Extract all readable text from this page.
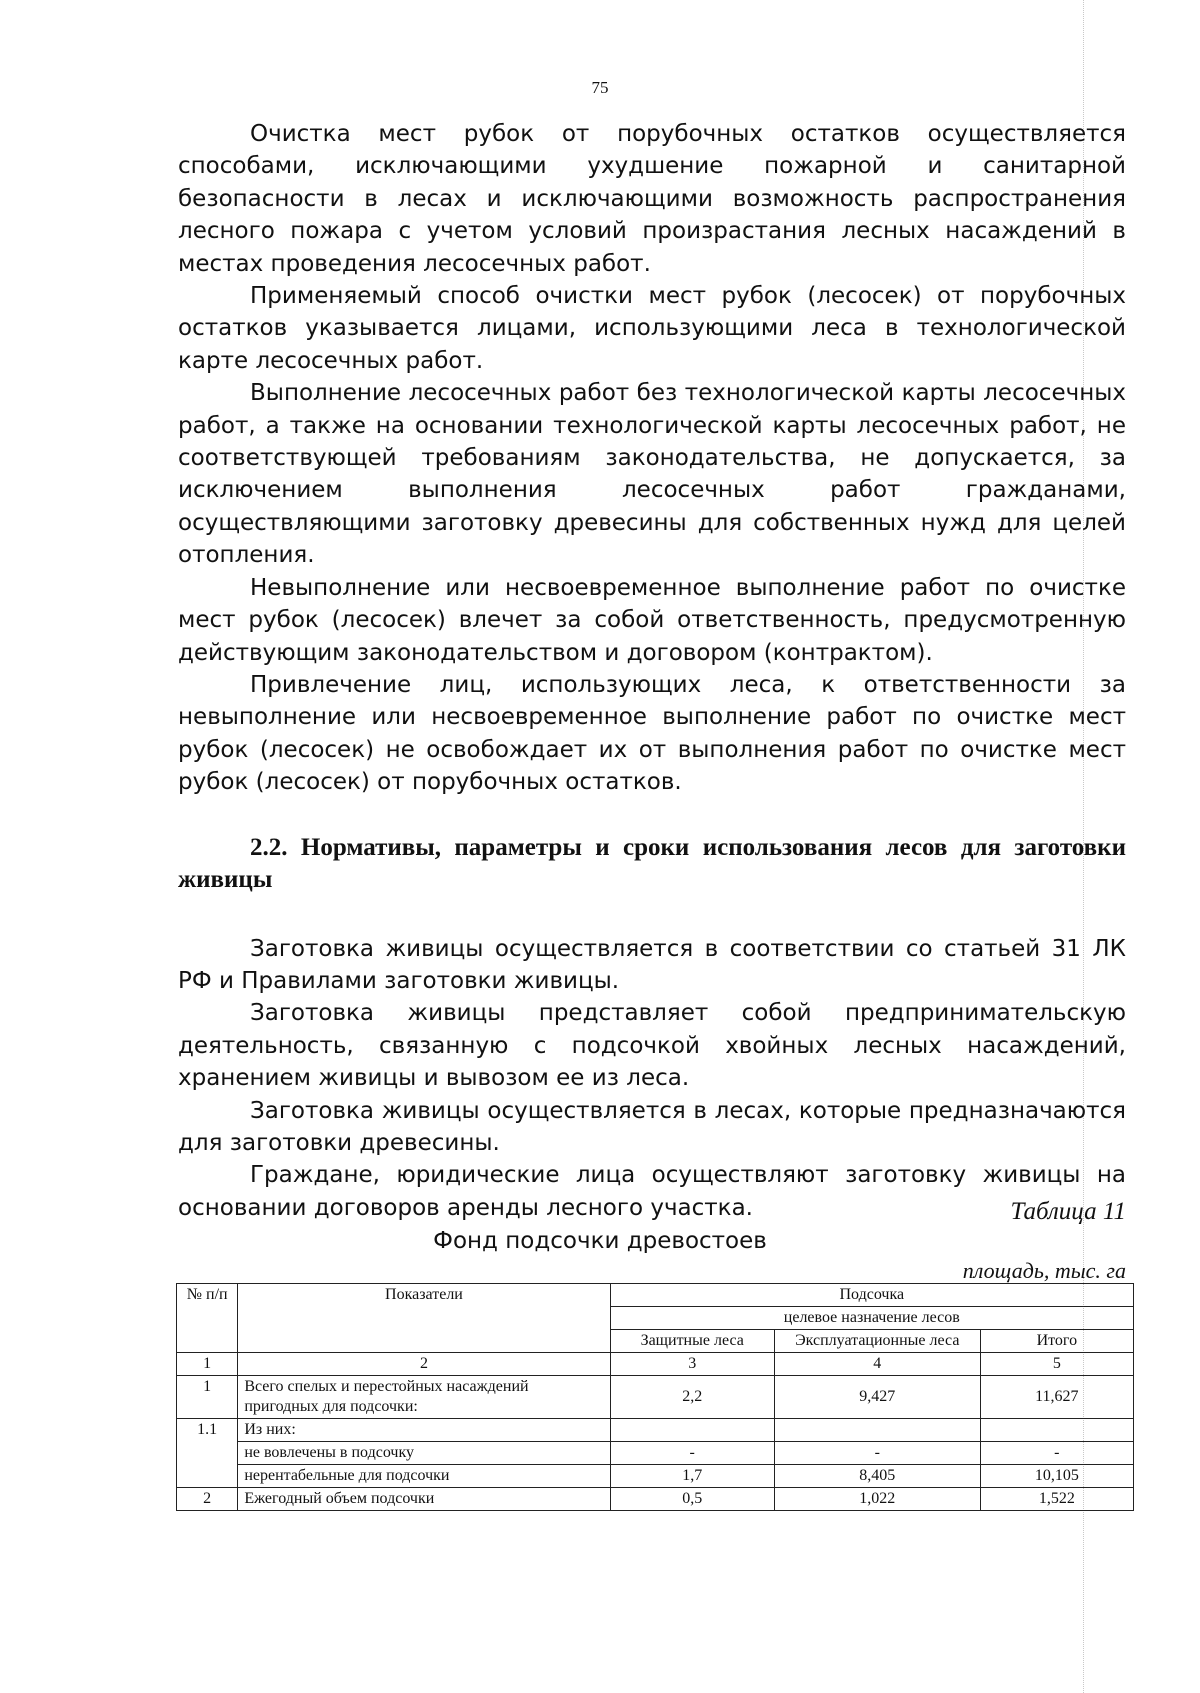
75

Очистка мест рубок от порубочных остатков осуществляется способами, исключающими ухудшение пожарной и санитарной безопасности в лесах и исключающими возможность распространения лесного пожара с учетом условий произрастания лесных насаждений в местах проведения лесосечных работ.

Применяемый способ очистки мест рубок (лесосек) от порубочных остатков указывается лицами, использующими леса в технологической карте лесосечных работ.

Выполнение лесосечных работ без технологической карты лесосечных работ, а также на основании технологической карты лесосечных работ, не соответствующей требованиям законодательства, не допускается, за исключением выполнения лесосечных работ гражданами, осуществляющими заготовку древесины для собственных нужд для целей отопления.

Невыполнение или несвоевременное выполнение работ по очистке мест рубок (лесосек) влечет за собой ответственность, предусмотренную действующим законодательством и договором (контрактом).

Привлечение лиц, использующих леса, к ответственности за невыполнение или несвоевременное выполнение работ по очистке мест рубок (лесосек) не освобождает их от выполнения работ по очистке мест рубок (лесосек) от порубочных остатков.

2.2. Нормативы, параметры и сроки использования лесов для заготовки живицы

Заготовка живицы осуществляется в соответствии со статьей 31 ЛК РФ и Правилами заготовки живицы.

Заготовка живицы представляет собой предпринимательскую деятельность, связанную с подсочкой хвойных лесных насаждений, хранением живицы и вывозом ее из леса.

Заготовка живицы осуществляется в лесах, которые предназначаются для заготовки древесины.

Граждане, юридические лица осуществляют заготовку живицы на основании договоров аренды лесного участка.	Таблица 11
Фонд подсочки древостоев
площадь, тыс. га
№ п/п	Показатели	Подсочка		
		целевое назначение лесов		
		Защитные леса	Эксплуатационные леса	Итого
1	2	3	4	5
1	Всего спелых и перестойных насаждений пригодных для подсочки:	2,2	9,427	11,627
1.1	Из них:			
	не вовлечены в подсочку	-	-	-
	нерентабельные для подсочки	1,7	8,405	10,105
2	Ежегодный объем подсочки	0,5	1,022	1,522
